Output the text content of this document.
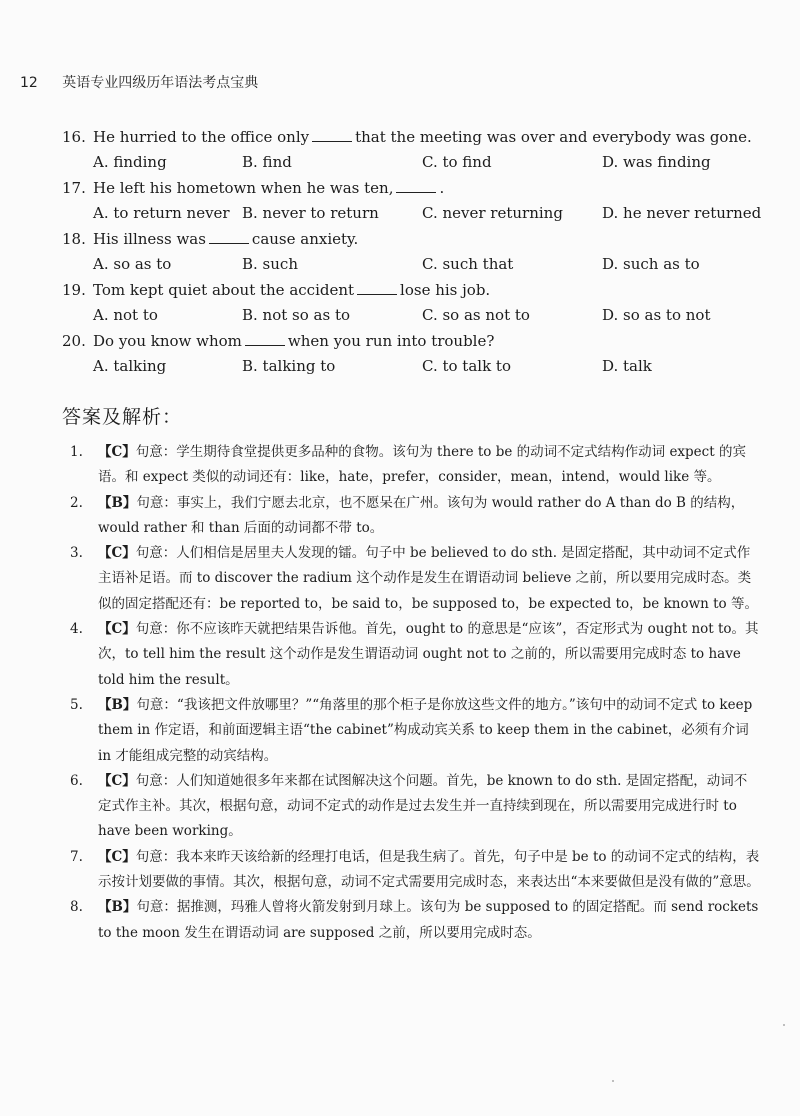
12 英语专业四级历年语法考点宝典
16. He hurried to the office only	that the meeting was over and everybody was gone.
A. finding	B. find	C. to find	D. was finding
17. He left his hometown when he was ten,	.
A. to return never B. never to return	C. never returning	D. he never returned
18. His illness was	cause anxiety.
A. so as to	B. such	C. such that	D. such as to
19. Tom kept quiet about the accident	lose his job.
A. not to	B. not so as to	C. so as not to	D. so as to not
20. Do you know whom	when you run into trouble?
A. talking	B. talking to	C. to talk to	D. talk
答案及解析：
1. 【C】句意：学生期待食堂提供更多品种的食物。该句为 there to be 的动词不定式结构作动词 expect 的宾语。和 expect 类似的动词还有：like，hate，prefer，consider，mean，intend，would like 等。
2. 【B】句意：事实上，我们宁愿去北京，也不愿呆在广州。该句为 would rather do A than do B 的结构，would rather 和 than 后面的动词都不带 to。
3. 【C】句意：人们相信是居里夫人发现的镭。句子中 be believed to do sth. 是固定搭配，其中动词不定式作主语补足语。而 to discover the radium 这个动作是发生在谓语动词 believe 之前，所以要用完成时态。类似的固定搭配还有：be reported to，be said to，be supposed to，be expected to，be known to 等。
4. 【C】句意：你不应该昨天就把结果告诉他。首先，ought to 的意思是“应该”，否定形式为 ought not to。其次，to tell him the result 这个动作是发生谓语动词 ought not to 之前的，所以需要用完成时态 to have told him the result。
5. 【B】句意：“我该把文件放哪里？”“角落里的那个柜子是你放这些文件的地方。”该句中的动词不定式 to keep them in 作定语，和前面逻辑主语“the cabinet”构成动宾关系 to keep them in the cabinet，必须有介词 in 才能组成完整的动宾结构。
6. 【C】句意：人们知道她很多年来都在试图解决这个问题。首先，be known to do sth. 是固定搭配，动词不定式作主补。其次，根据句意，动词不定式的动作是过去发生并一直持续到现在，所以需要用完成进行时 to have been working。
7. 【C】句意：我本来昨天该给新的经理打电话，但是我生病了。首先，句子中是 be to 的动词不定式的结构，表示按计划要做的事情。其次，根据句意，动词不定式需要用完成时态，来表达出“本来要做但是没有做的”意思。
8. 【B】句意：据推测，玛雅人曾将火箭发射到月球上。该句为 be supposed to 的固定搭配。而 send rockets to the moon 发生在谓语动词 are supposed 之前，所以要用完成时态。
